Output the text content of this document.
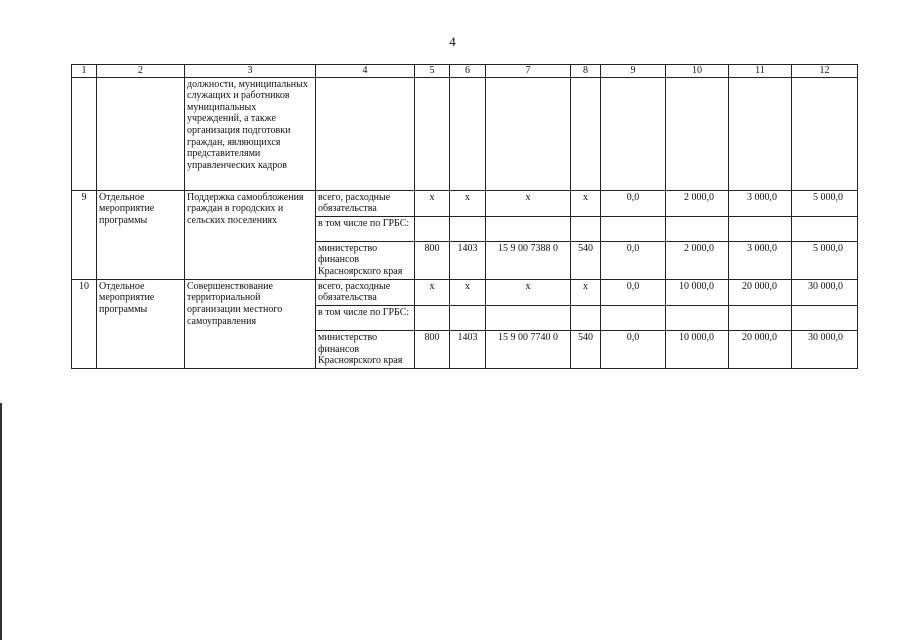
4
1	2	3	4	5	6	7	8	9	10	11	12
		должности, муниципальных служащих и работников муниципальных учреждений, а также организация подготовки граждан, являющихся представителями управленческих кадров									
9	Отдельное мероприятие программы	Поддержка самообложения граждан в городских и сельских поселениях	всего, расходные обязательства	х	х	х	х	0,0	2 000,0	3 000,0	5 000,0
			в том числе по ГРБС:								
			министерство финансов Красноярского края	800	1403	15 9 00 7388 0	540	0,0	2 000,0	3 000,0	5 000,0
10	Отдельное мероприятие программы	Совершенствование территориальной организации местного самоуправления	всего, расходные обязательства	х	х	х	х	0,0	10 000,0	20 000,0	30 000,0
			в том числе по ГРБС:								
			министерство финансов Красноярского края	800	1403	15 9 00 7740 0	540	0,0	10 000,0	20 000,0	30 000,0
